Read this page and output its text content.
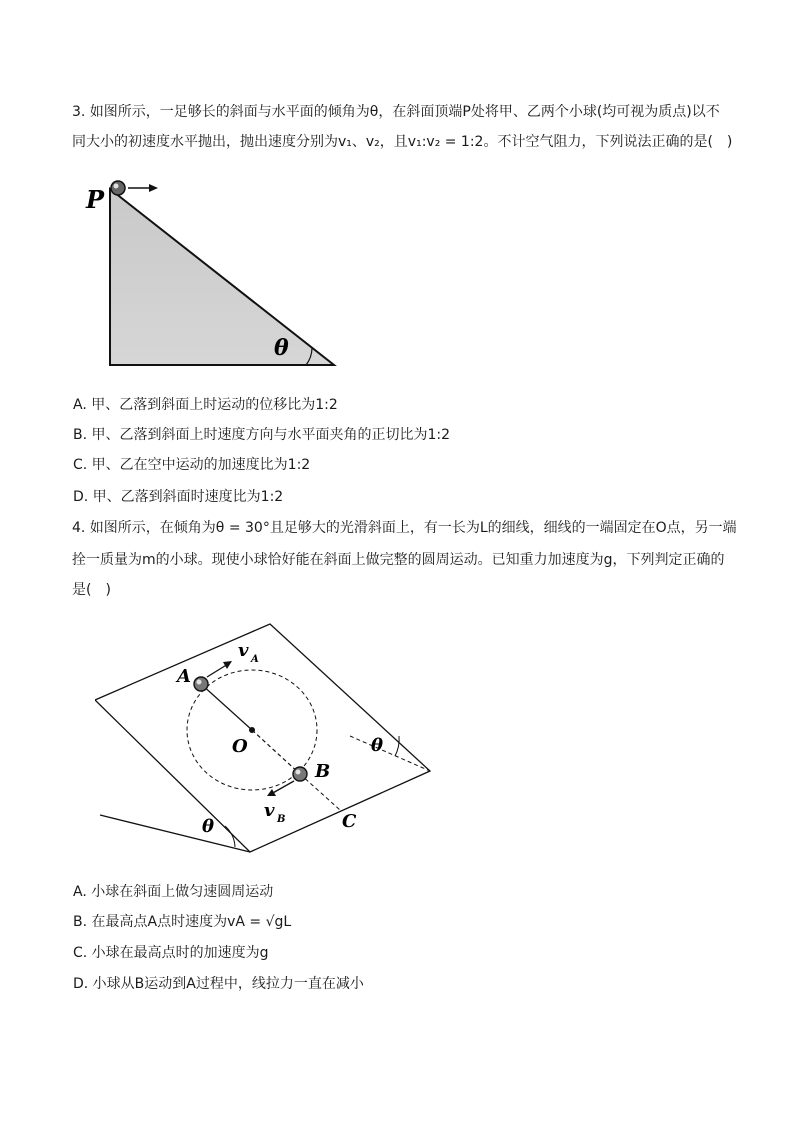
3. 如图所示，一足够长的斜面与水平面的倾角为θ，在斜面顶端P处将甲、乙两个小球(均可视为质点)以不
同大小的初速度水平抛出，抛出速度分别为v₁、v₂，且v₁:v₂ = 1:2。不计空气阻力，下列说法正确的是(　)
P
θ
A. 甲、乙落到斜面上时运动的位移比为1:2
B. 甲、乙落到斜面上时速度方向与水平面夹角的正切比为1:2
C. 甲、乙在空中运动的加速度比为1:2
D. 甲、乙落到斜面时速度比为1:2
4. 如图所示，在倾角为θ = 30°且足够大的光滑斜面上，有一长为L的细线，细线的一端固定在O点，另一端
拴一质量为m的小球。现使小球恰好能在斜面上做完整的圆周运动。已知重力加速度为g，下列判定正确的
是(　)
A
v A
O
B
v B	C
θ
θ
A. 小球在斜面上做匀速圆周运动
B. 在最高点A点时速度为vA = √gL
C. 小球在最高点时的加速度为g
D. 小球从B运动到A过程中，线拉力一直在减小
